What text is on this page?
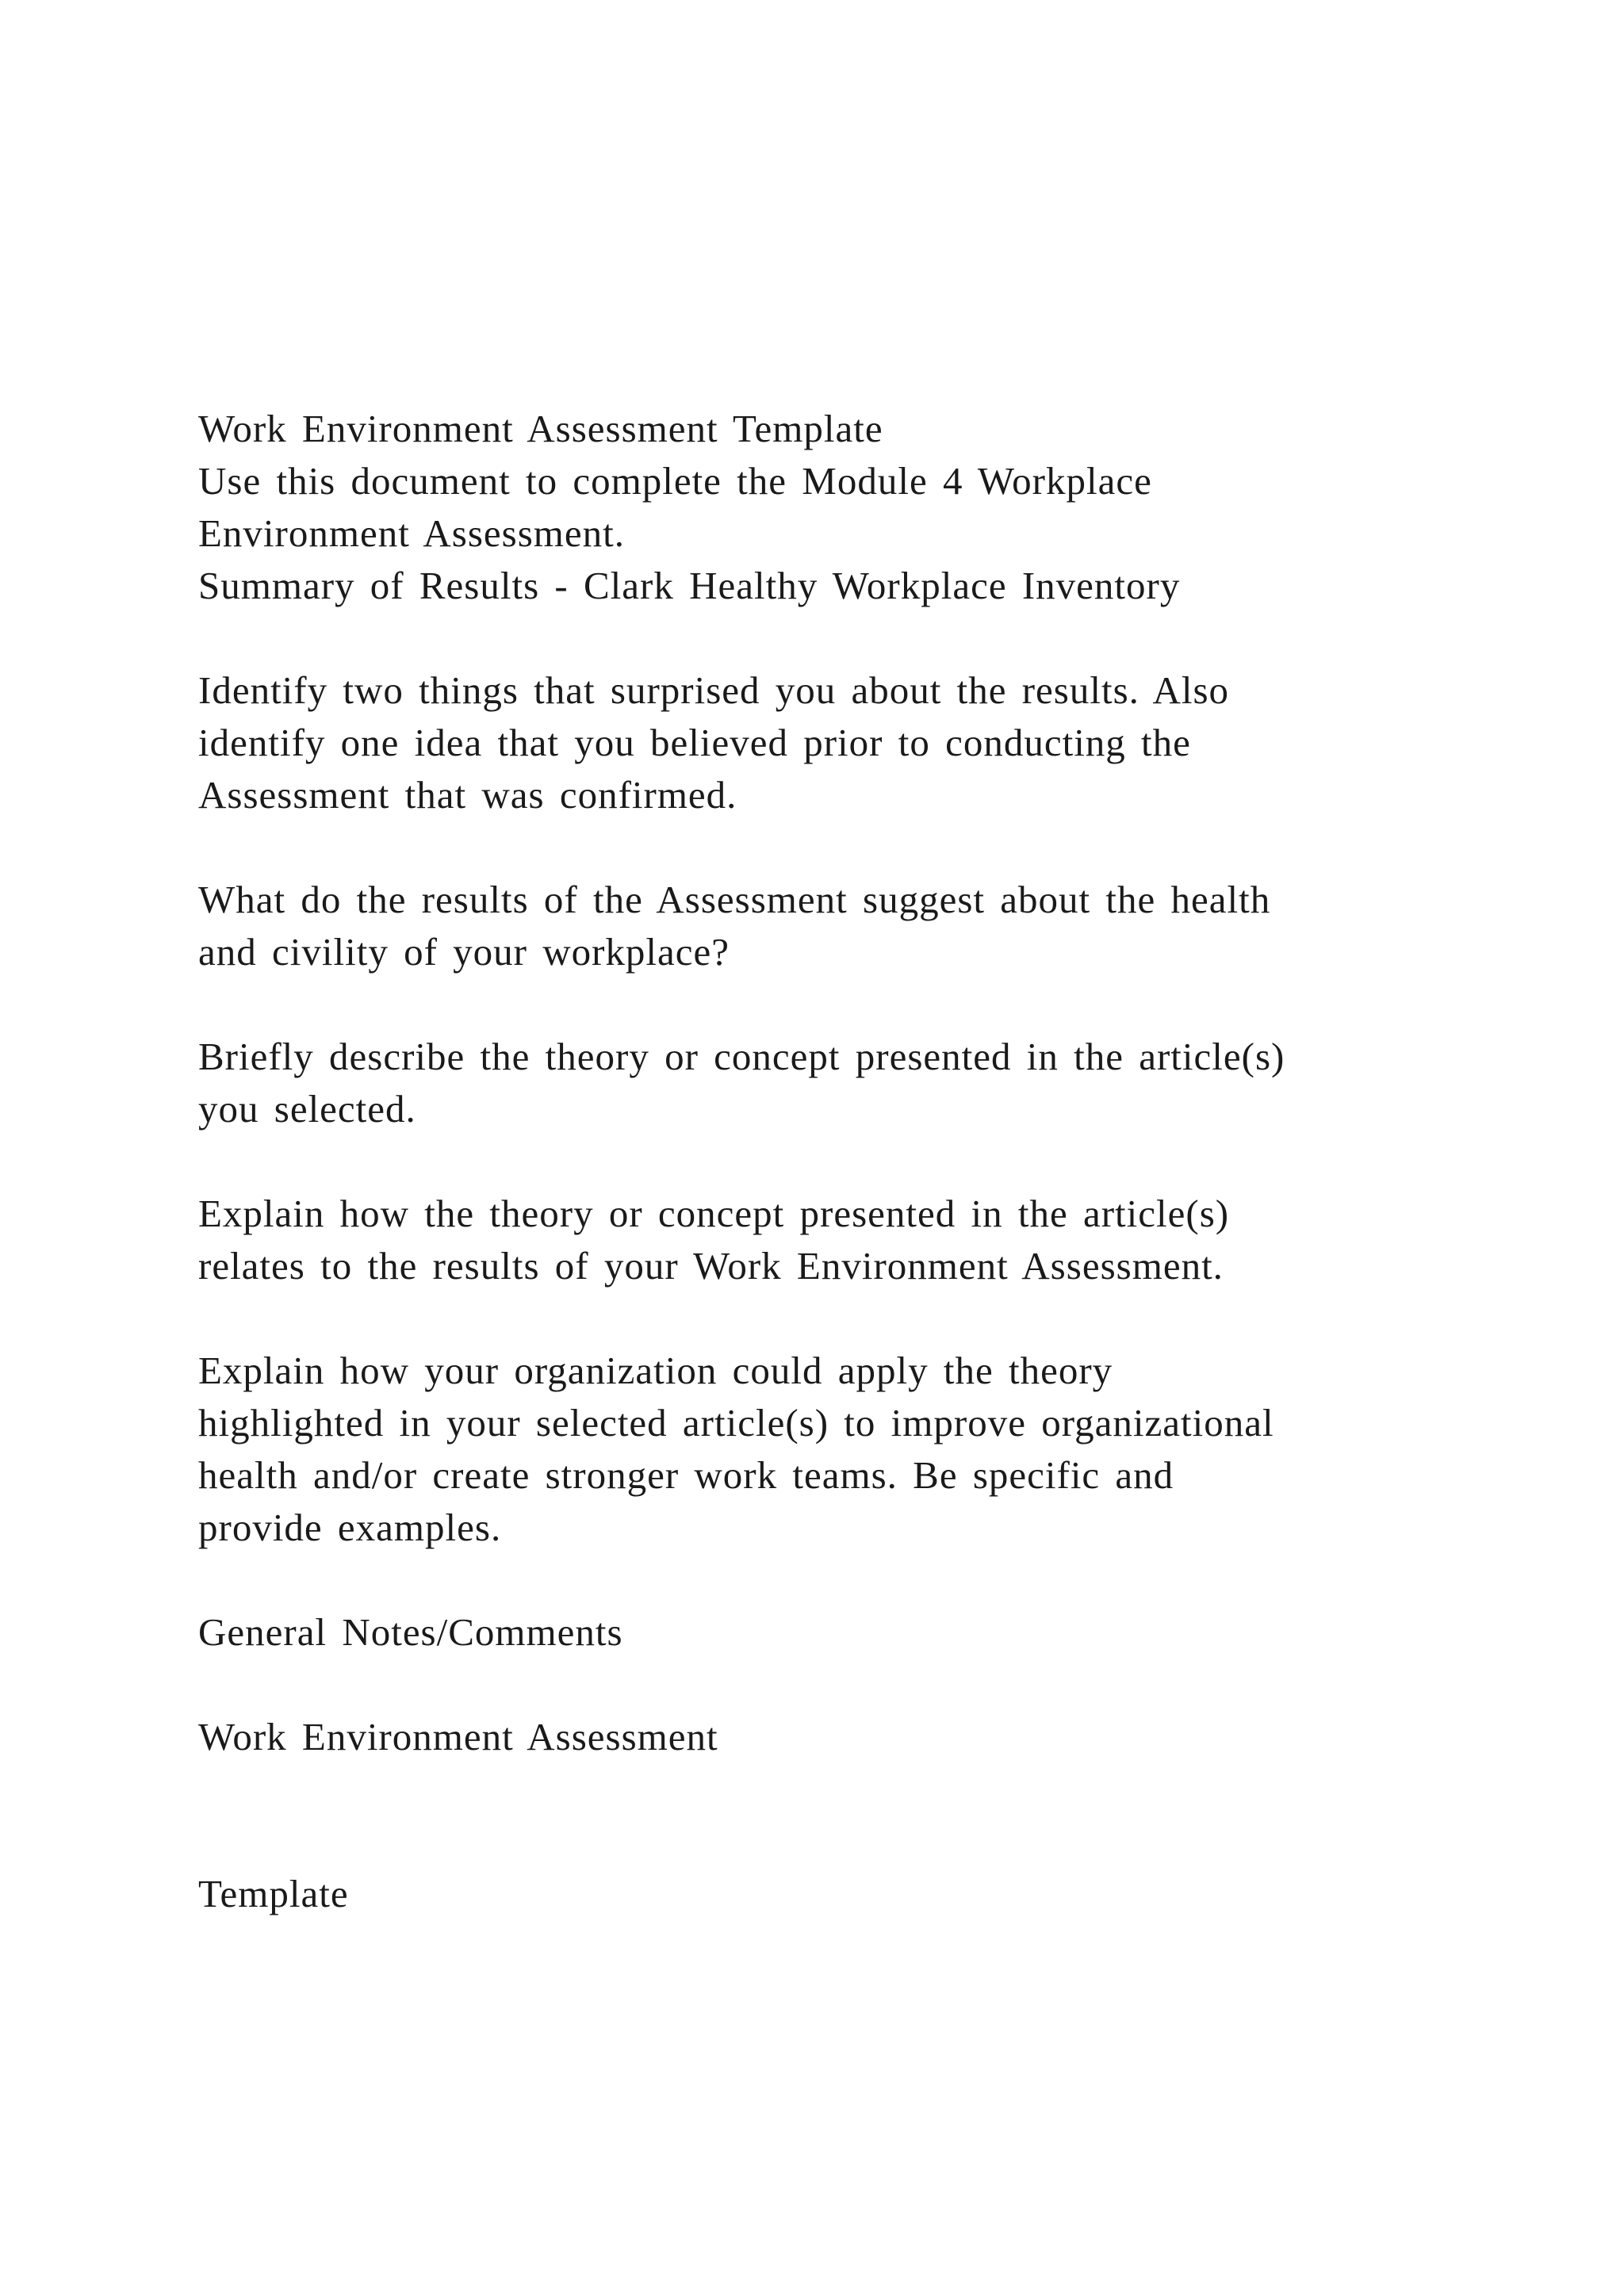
Work Environment Assessment Template

Use this document to complete the Module 4 Workplace

Environment Assessment.

Summary of Results - Clark Healthy Workplace Inventory

Identify two things that surprised you about the results. Also

identify one idea that you believed prior to conducting the

Assessment that was confirmed.

What do the results of the Assessment suggest about the health

and civility of your workplace?

Briefly describe the theory or concept presented in the article(s)

you selected.

Explain how the theory or concept presented in the article(s)

relates to the results of your Work Environment Assessment.

Explain how your organization could apply the theory

highlighted in your selected article(s) to improve organizational

health and/or create stronger work teams. Be specific and

provide examples.

General Notes/Comments

Work Environment Assessment

Template
